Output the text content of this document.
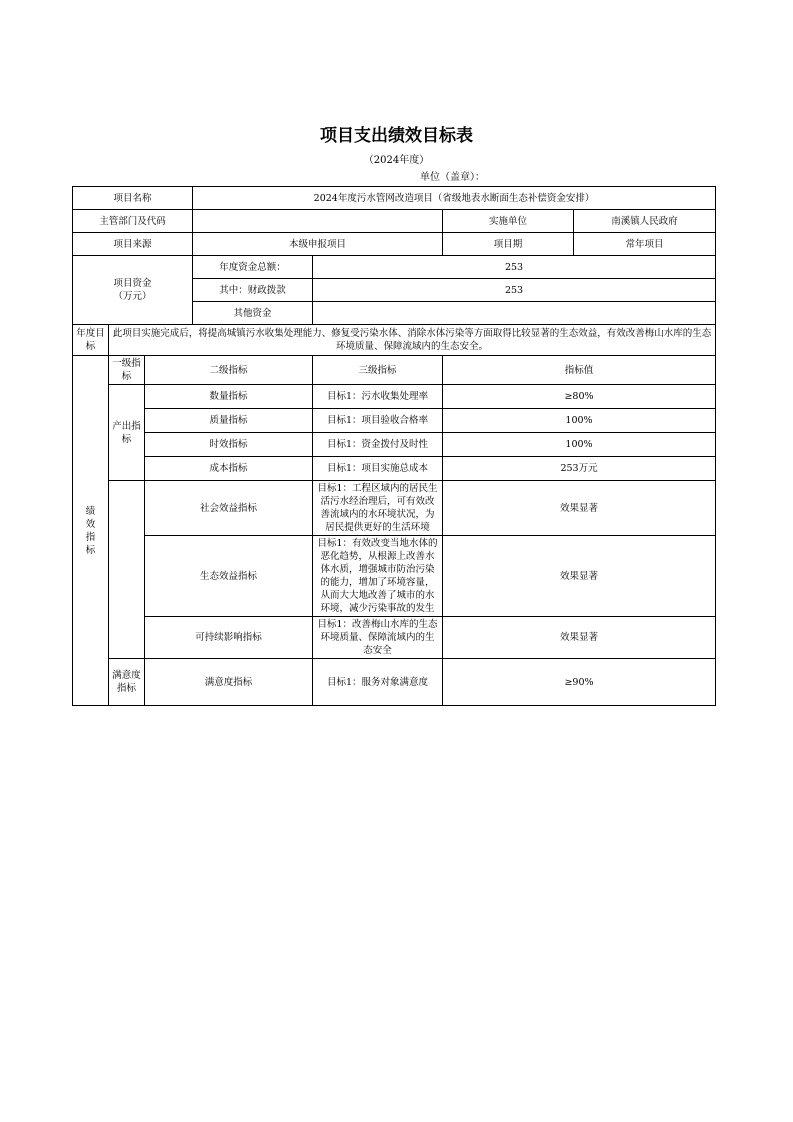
项目支出绩效目标表
（2024年度）
单位（盖章）：
项目名称			2024年度污水管网改造项目（省级地表水断面生态补偿资金安排）			
主管部门及代码					实施单位	南溪镇人民政府
项目来源			本级申报项目		项目期	常年项目

项目资金
（万元）			年度资金总额：	253		
			其中：财政拨款	253		
			其他资金			
年度目标	此项目实施完成后，将提高城镇污水收集处理能力、修复受污染水体、消除水体污染等方面取得比较显著的生态效益，有效改善梅山水库的生态环境质量、保障流域内的生态安全。					
绩效指标	一级指标	二级指标		三级指标	指标值	
	产出指标	数量指标		目标1：污水收集处理率	≥80%	
		质量指标		目标1：项目验收合格率	100%	
		时效指标		目标1：资金拨付及时性	100%	
		成本指标		目标1：项目实施总成本	253万元	
		社会效益指标		目标1：工程区域内的居民生活污水经治理后，可有效改善流域内的水环境状况，为居民提供更好的生活环境	效果显著	
		生态效益指标		目标1：有效改变当地水体的恶化趋势，从根源上改善水体水质，增强城市防治污染的能力，增加了环境容量，从而大大地改善了城市的水环境，减少污染事故的发生	效果显著	
		可持续影响指标		目标1：改善梅山水库的生态环境质量、保障流域内的生态安全	效果显著	
	满意度指标	满意度指标		目标1：服务对象满意度	≥90%	
